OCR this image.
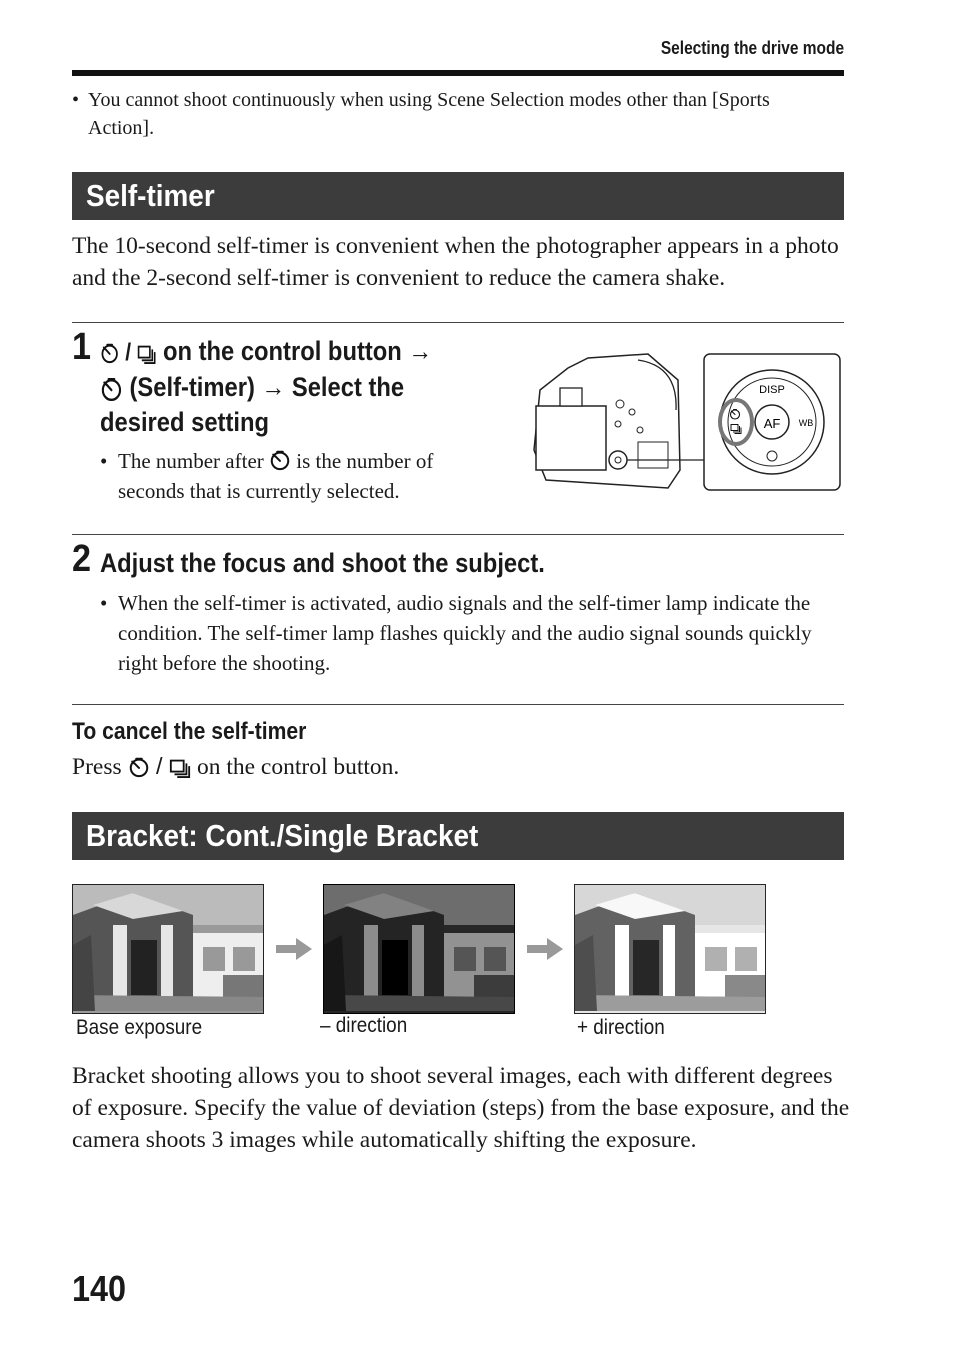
Selecting the drive mode
• You cannot shoot continuously when using Scene Selection modes other than [Sports Action].
Self-timer
The 10-second self-timer is convenient when the photographer appears in a photo and the 2-second self-timer is convenient to reduce the camera shake.
1	/  on the control button →
(Self-timer) → Select the
desired setting
• The number after is the number of
seconds that is currently selected.
AF
DISP
WB
2 Adjust the focus and shoot the subject.
• When the self-timer is activated, audio signals and the self-timer lamp indicate the condition. The self-timer lamp flashes quickly and the audio signal sounds quickly right before the shooting.
To cancel the self-timer
Press  /  on the control button.
Bracket: Cont./Single Bracket
Base exposure	– direction	+ direction
Bracket shooting allows you to shoot several images, each with different degrees of exposure. Specify the value of deviation (steps) from the base exposure, and the camera shoots 3 images while automatically shifting the exposure.
140
